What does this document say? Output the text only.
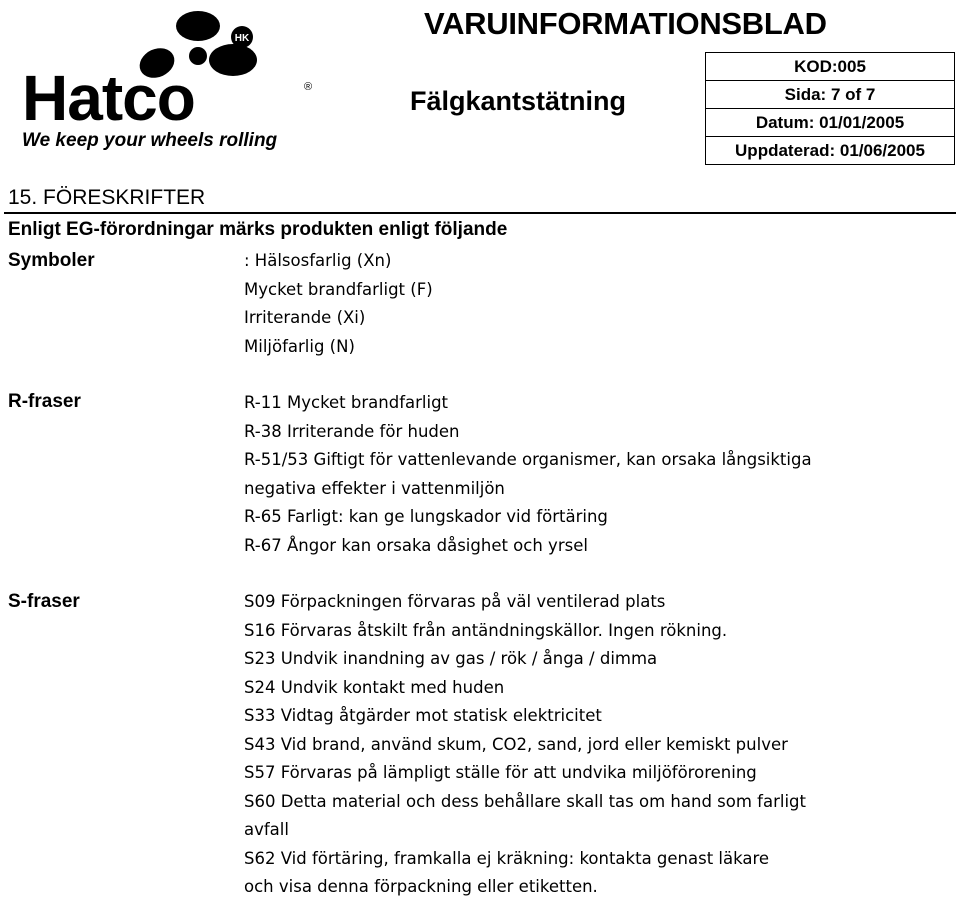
HK
Hatco	®
We keep your wheels rolling
VARUINFORMATIONSBLAD
Fälgkantstätning
KOD:005
Sida: 7 of 7
Datum: 01/01/2005
Uppdaterad: 01/06/2005
15. FÖRESKRIFTER
Enligt EG-förordningar märks produkten enligt följande
Symboler	: Hälsosfarlig (Xn)
Mycket brandfarligt (F)
Irriterande (Xi)
Miljöfarlig (N)
R-fraser	R-11 Mycket brandfarligt
R-38 Irriterande för huden
R-51/53 Giftigt för vattenlevande organismer, kan orsaka långsiktiga
negativa effekter i vattenmiljön
R-65 Farligt: kan ge lungskador vid förtäring
R-67 Ångor kan orsaka dåsighet och yrsel
S-fraser	S09 Förpackningen förvaras på väl ventilerad plats
S16 Förvaras åtskilt från antändningskällor. Ingen rökning.
S23 Undvik inandning av gas / rök / ånga / dimma
S24 Undvik kontakt med huden
S33 Vidtag åtgärder mot statisk elektricitet
S43 Vid brand, använd skum, CO2, sand, jord eller kemiskt pulver
S57 Förvaras på lämpligt ställe för att undvika miljöförorening
S60 Detta material och dess behållare skall tas om hand som farligt
avfall
S62 Vid förtäring, framkalla ej kräkning: kontakta genast läkare
och visa denna förpackning eller etiketten.
